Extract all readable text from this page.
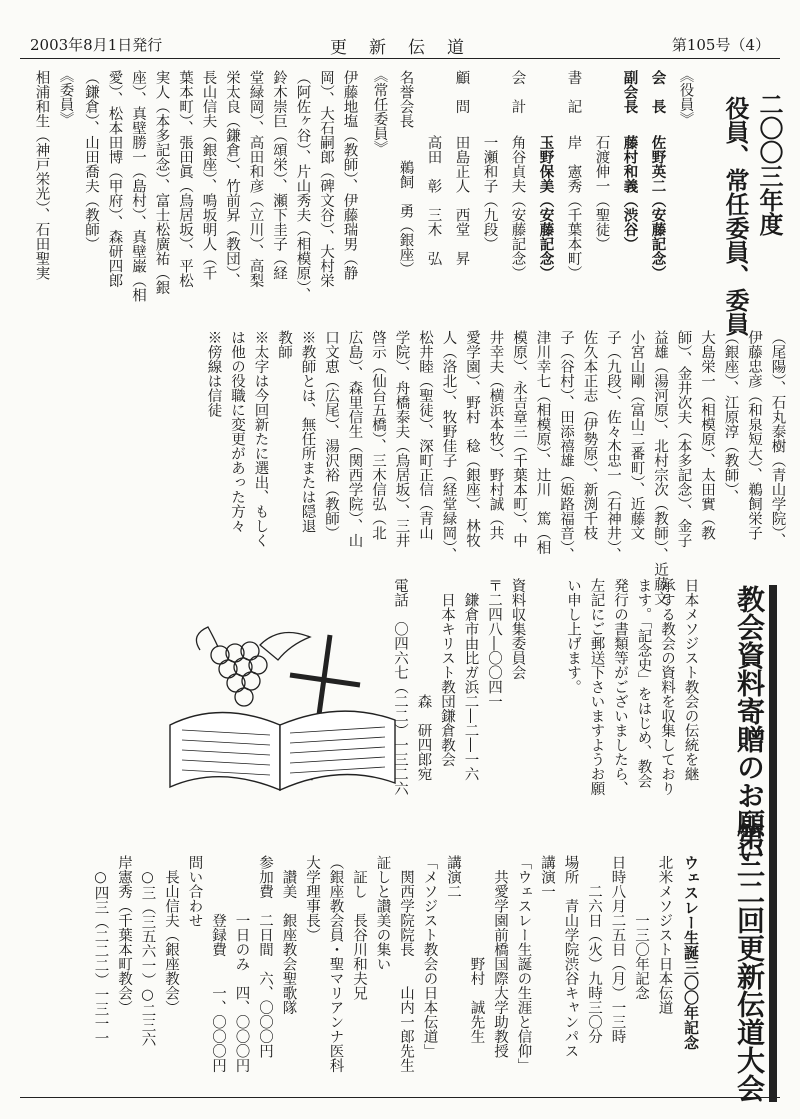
2003年8月1日発行	更新伝道	第105号（4）
二〇〇三年度
役員、常任委員、委員
《役員》
会　長
佐野英二（安藤記念）
副会長
藤村和義（渋谷）
石渡伸一（聖徒）
書　記
岸　憲秀（千葉本町）
玉野保美（安藤記念）
会　計
角谷貞夫（安藤記念）
一瀬和子（九段）
顧　問
田島正人　西堂　昇
高田　彰　三木　弘
名誉会長
鵜飼　勇（銀座）
伊藤地塩（教師）、伊藤瑞男（静
岡）、大石嗣郎（碑文谷）、大村栄
（阿佐ヶ谷）、片山秀夫（相模原）、
鈴木崇巨（頌栄）、瀬下圭子（経
堂緑岡）、高田和彦（立川）、高梨
栄太良（鎌倉）、竹前昇（教団）、
長山信夫（銀座）、鳴坂明人（千
葉本町）、張田眞（鳥居坂）、平松
実人（本多記念）、富士松廣祐（銀
座）、真壁勝一（島村）、真壁巌（相
愛）、松本田博（甲府）、森研四郎
（鎌倉）、山田喬夫（教師）	《常任委員》
《委員》
相浦和生（神戸栄光）、石田聖実
（尾陽）、石丸泰樹（青山学院）、
伊藤忠彦（和泉短大）、鵜飼栄子
（銀座）、江原淳（教師）、
大島栄一（相模原）、太田實（教
師）、金井次夫（本多記念）、金子
益雄（湯河原）、北村宗次（教師）、近藤文
小宮山剛（富山二番町）、近藤文
子（九段）、佐々木忠一（石神井）、
佐久本正志（伊勢原）、新渕千枝
子（谷村）、田添禧雄（姫路福音）、
津川幸七（相模原）、辻川　篤（相
模原）、永吉章三（千葉本町）、中
井幸夫（横浜本牧）、野村誠（共
愛学園）、野村　稔（銀座）、林牧
人（洛北）、牧野佳子（経堂緑岡）、
松井睦（聖徒）、深町正信（青山
学院）、舟橋泰夫（鳥居坂）、三井
啓示（仙台五橋）、三木信弘（北
広島）、森里信生（関西学院）、山
口文恵（広尾）、湯沢裕（教師）
※教師とは、無任所または隠退
教師
※太字は今回新たに選出、もしく
は他の役職に変更があった方々
※傍線は信徒
教会資料寄贈のお願い
日本メソジスト教会の伝統を継
承する教会の資料を収集しており
ます。「記念史」をはじめ、教会
発行の書類等がございましたら、
左記にご郵送下さいますようお願
い申し上げます。
資料収集委員会
〒二四八―〇〇四一
　鎌倉市由比ガ浜二―二―一六
　日本キリスト教団鎌倉教会
　　　　　　　　森　研四郎宛
電話　〇四六七（二二）一三二六
第三二回更新伝道大会
ウェスレー生誕三〇〇年記念
北米メソジスト日本伝道
　　　　一三〇年記念
日時八月二五日（月）一三時
　　二六日（火）九時三〇分
場所　青山学院渋谷キャンパス
講演一
「ウェスレー生誕の生涯と信仰」
　共愛学園前橋国際大学助教授
　　　　　　　野村　誠先生
講演二
「メソジスト教会の日本伝道」
　関西学院院長　　山内一郎先生
証しと讃美の集い
　証し　長谷川和夫兄
（銀座教会員・聖マリアンナ医科
大学理事長）
　讃美　銀座教会聖歌隊
参加費　二日間　六、〇〇〇円
　　　　一日のみ　四、〇〇〇円
　　　　登録費　　一、〇〇〇円
問い合わせ
　長山信夫（銀座教会）
　○三（三五六一）○二三六
岸憲秀（千葉本町教会）
　○四三（二二二）一三一一
